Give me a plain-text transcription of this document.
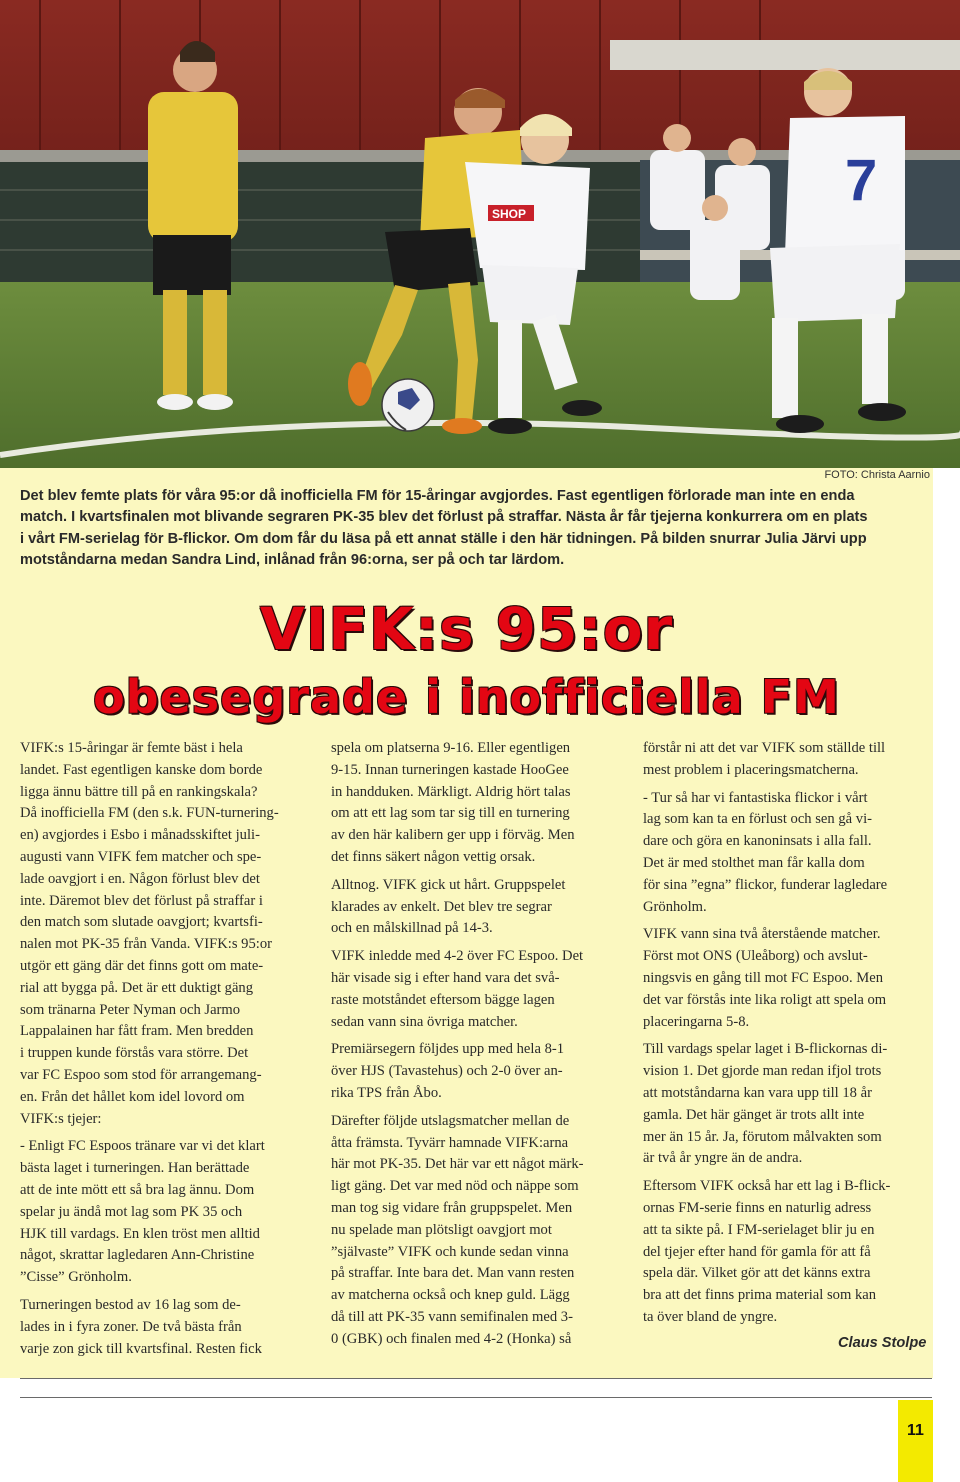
SHOP
7
FOTO: Christa Aarnio

Det blev femte plats för våra 95:or då inofficiella FM för 15-åringar avgjordes. Fast egentligen förlorade man inte en enda
match. I kvartsfinalen mot blivande segraren PK-35 blev det förlust på straffar. Nästa år får tjejerna konkurrera om en plats
i vårt FM-serielag för B-flickor. Om dom får du läsa på ett annat ställe i den här tidningen. På bilden snurrar Julia Järvi upp
motståndarna medan Sandra Lind, inlånad från 96:orna, ser på och tar lärdom.

VIFK:s 95:or
obesegrade i inofficiella FM

VIFK:s 15-åringar är femte bäst i hela
landet. Fast egentligen kanske dom borde
ligga ännu bättre till på en rankingskala?
Då inofficiella FM (den s.k. FUN-turnering-
en) avgjordes i Esbo i månadsskiftet juli-
augusti vann VIFK fem matcher och spe-
lade oavgjort i en. Någon förlust blev det
inte. Däremot blev det förlust på straffar i
den match som slutade oavgjort; kvartsfi-
nalen mot PK-35 från Vanda. VIFK:s 95:or
utgör ett gäng där det finns gott om mate-
rial att bygga på. Det är ett duktigt gäng
som tränarna Peter Nyman och Jarmo
Lappalainen har fått fram. Men bredden
i truppen kunde förstås vara större. Det
var FC Espoo som stod för arrangemang-
en. Från det hållet kom idel lovord om
VIFK:s tjejer:

- Enligt FC Espoos tränare var vi det klart
bästa laget i turneringen. Han berättade
att de inte mött ett så bra lag ännu. Dom
spelar ju ändå mot lag som PK 35 och
HJK till vardags. En klen tröst men alltid
något, skrattar lagledaren Ann-Christine
”Cisse” Grönholm.

Turneringen bestod av 16 lag som de-
lades in i fyra zoner. De två bästa från
varje zon gick till kvartsfinal. Resten fick

spela om platserna 9-16. Eller egentligen
9-15. Innan turneringen kastade HooGee
in handduken. Märkligt. Aldrig hört talas
om att ett lag som tar sig till en turnering
av den här kalibern ger upp i förväg. Men
det finns säkert någon vettig orsak.

Alltnog. VIFK gick ut hårt. Gruppspelet
klarades av enkelt. Det blev tre segrar
och en målskillnad på 14-3.

VIFK inledde med 4-2 över FC Espoo. Det
här visade sig i efter hand vara det svå-
raste motståndet eftersom bägge lagen
sedan vann sina övriga matcher.

Premiärsegern följdes upp med hela 8-1
över HJS (Tavastehus) och 2-0 över an-
rika TPS från Åbo.

Därefter följde utslagsmatcher mellan de
åtta främsta. Tyvärr hamnade VIFK:arna
här mot PK-35. Det här var ett något märk-
ligt gäng. Det var med nöd och näppe som
man tog sig vidare från gruppspelet. Men
nu spelade man plötsligt oavgjort mot
”självaste” VIFK och kunde sedan vinna
på straffar. Inte bara det. Man vann resten
av matcherna också och knep guld. Lägg
då till att PK-35 vann semifinalen med 3-
0 (GBK) och finalen med 4-2 (Honka) så

förstår ni att det var VIFK som ställde till
mest problem i placeringsmatcherna.

- Tur så har vi fantastiska flickor i vårt
lag som kan ta en förlust och sen gå vi-
dare och göra en kanoninsats i alla fall.
Det är med stolthet man får kalla dom
för sina ”egna” flickor, funderar lagledare
Grönholm.

VIFK vann sina två återstående matcher.
Först mot ONS (Uleåborg) och avslut-
ningsvis en gång till mot FC Espoo. Men
det var förstås inte lika roligt att spela om
placeringarna 5-8.

Till vardags spelar laget i B-flickornas di-
vision 1. Det gjorde man redan ifjol trots
att motståndarna kan vara upp till 18 år
gamla. Det här gänget är trots allt inte
mer än 15 år. Ja, förutom målvakten som
är två år yngre än de andra.

Eftersom VIFK också har ett lag i B-flick-
ornas FM-serie finns en naturlig adress
att ta sikte på. I FM-serielaget blir ju en
del tjejer efter hand för gamla för att få
spela där. Vilket gör att det känns extra
bra att det finns prima material som kan
ta över bland de yngre.

Claus Stolpe
11
